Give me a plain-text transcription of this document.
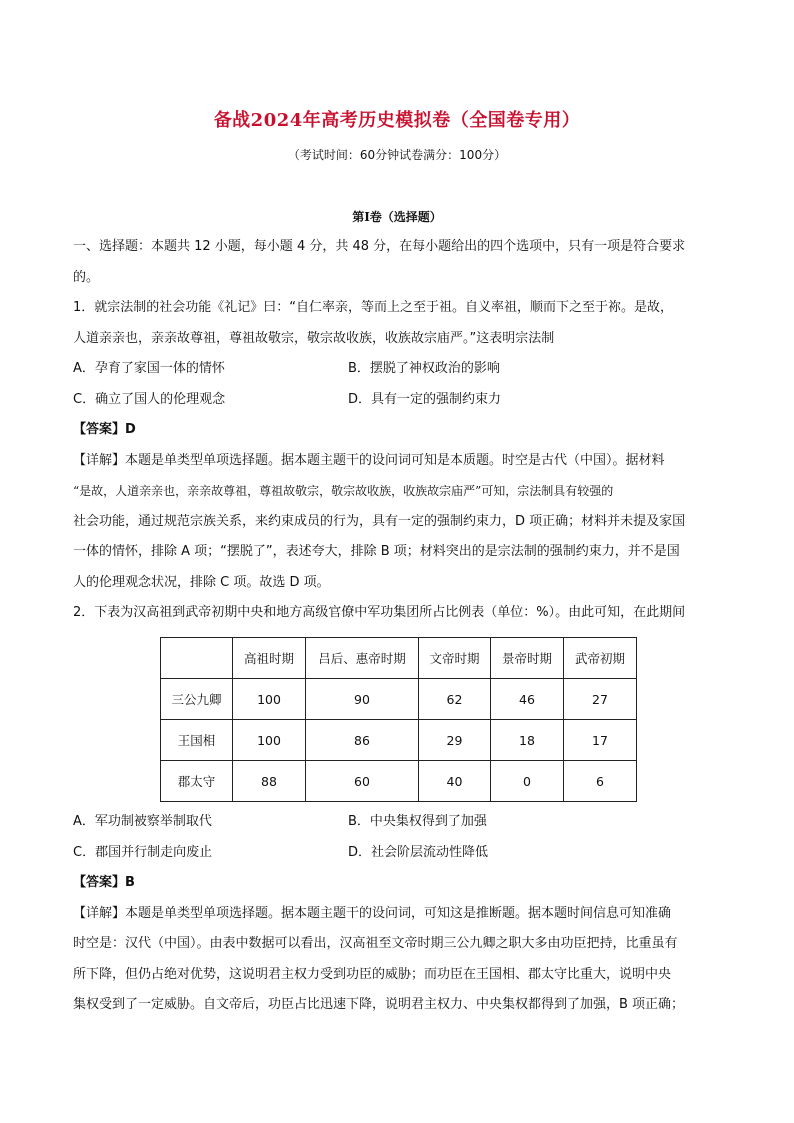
备战2024年高考历史模拟卷（全国卷专用）
（考试时间：60分钟试卷满分：100分）
第I卷（选择题）

一、选择题：本题共 12 小题，每小题 4 分，共 48 分，在每小题给出的四个选项中，只有一项是符合要求

的。

1．就宗法制的社会功能《礼记》曰：“自仁率亲，等而上之至于祖。自义率祖，顺而下之至于祢。是故，

人道亲亲也，亲亲故尊祖，尊祖故敬宗，敬宗故收族，收族故宗庙严。”这表明宗法制

A．孕育了家国一体的情怀	B．摆脱了神权政治的影响
C．确立了国人的伦理观念	D．具有一定的强制约束力

【答案】D

【详解】本题是单类型单项选择题。据本题主题干的设问词可知是本质题。时空是古代（中国）。据材料

“是故，人道亲亲也，亲亲故尊祖，尊祖故敬宗，敬宗故收族，收族故宗庙严”可知，宗法制具有较强的

社会功能，通过规范宗族关系，来约束成员的行为，具有一定的强制约束力，D 项正确；材料并未提及家国

一体的情怀，排除 A 项；“摆脱了”，表述夸大，排除 B 项；材料突出的是宗法制的强制约束力，并不是国

人的伦理观念状况，排除 C 项。故选 D 项。

2．下表为汉高祖到武帝初期中央和地方高级官僚中军功集团所占比例表（单位：%）。由此可知，在此期间

	高祖时期	吕后、惠帝时期	文帝时期	景帝时期	武帝初期
三公九卿	100	90	62	46	27
王国相	100	86	29	18	17
郡太守	88	60	40	0	6
A．军功制被察举制取代	B．中央集权得到了加强
C．郡国并行制走向废止	D．社会阶层流动性降低

【答案】B

【详解】本题是单类型单项选择题。据本题主题干的设问词，可知这是推断题。据本题时间信息可知准确

时空是：汉代（中国）。由表中数据可以看出，汉高祖至文帝时期三公九卿之职大多由功臣把持，比重虽有

所下降，但仍占绝对优势，这说明君主权力受到功臣的威胁；而功臣在王国相、郡太守比重大，说明中央

集权受到了一定威胁。自文帝后，功臣占比迅速下降，说明君主权力、中央集权都得到了加强，B 项正确；
